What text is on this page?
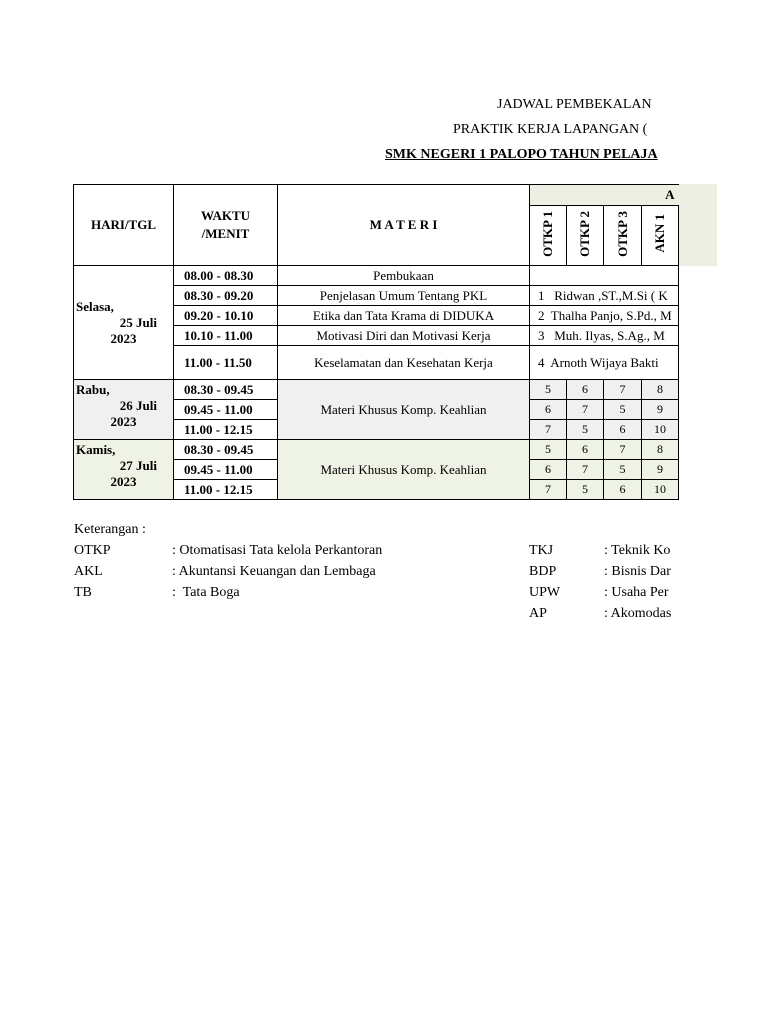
JADWAL PEMBEKALAN
PRAKTIK KERJA LAPANGAN (
SMK NEGERI 1 PALOPO TAHUN PELAJA
HARI/TGL	WAKTU
/MENIT	M A T E R I	A			
			OTKP 1	OTKP 2	OTKP 3	AKN 1

Selasa,
25 Juli
2023	08.00 - 08.30	Pembukaan				
	08.30 - 09.20	Penjelasan Umum Tentang PKL	1   Ridwan ,ST.,M.Si ( K			
	09.20 - 10.10	Etika dan Tata Krama di DIDUKA	2  Thalha Panjo, S.Pd., M			
	10.10 - 11.00	Motivasi Diri dan Motivasi Kerja	3   Muh. Ilyas, S.Ag., M			
	11.00 - 11.50	Keselamatan dan Kesehatan Kerja	4  Arnoth Wijaya Bakti			

Rabu,
26 Juli
2023	08.30 - 09.45	Materi Khusus Komp. Keahlian	5	6	7	8
	09.45 - 11.00		6	7	5	9
	11.00 - 12.15		7	5	6	10

Kamis,
27 Juli
2023	08.30 - 09.45	Materi Khusus Komp. Keahlian	5	6	7	8
	09.45 - 11.00		6	7	5	9
	11.00 - 12.15		7	5	6	10
Keterangan :
OTKP	: Otomatisasi Tata kelola Perkantoran
AKL	: Akuntansi Keuangan dan Lembaga
TB	:  Tata Boga
TKJ	: Teknik Ko
BDP	: Bisnis Dar
UPW	: Usaha Per
AP	: Akomodas
